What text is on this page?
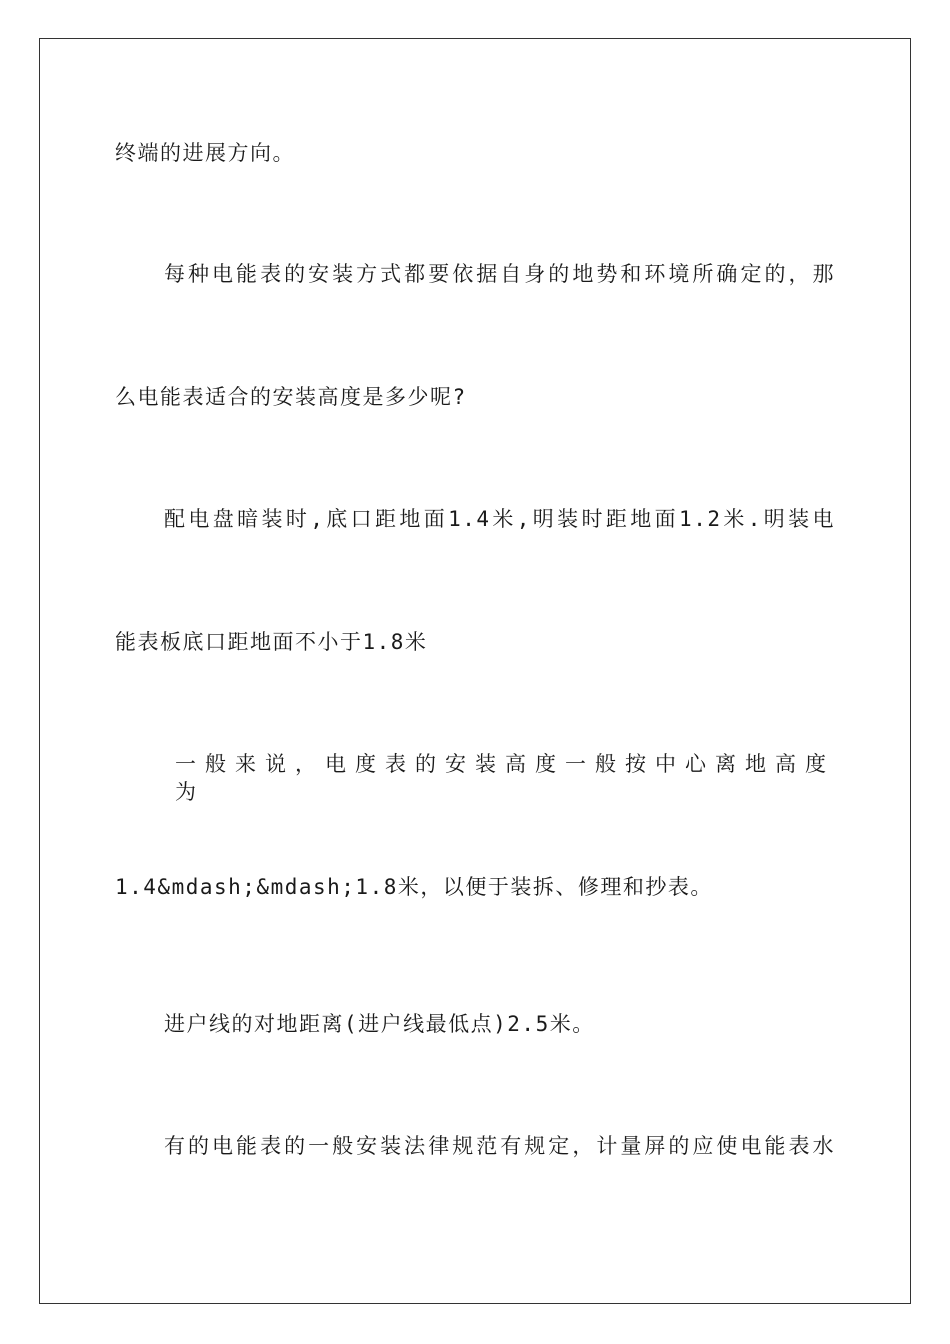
终端的进展方向。
每种电能表的安装方式都要依据自身的地势和环境所确定的，那
么电能表适合的安装高度是多少呢?
配电盘暗装时,底口距地面1.4米,明装时距地面1.2米.明装电
能表板底口距地面不小于1.8米
一般来说，电度表的安装高度一般按中心离地高度为
1.4&mdash;&mdash;1.8米，以便于装拆、修理和抄表。
进户线的对地距离(进户线最低点)2.5米。
有的电能表的一般安装法律规范有规定，计量屏的应使电能表水
